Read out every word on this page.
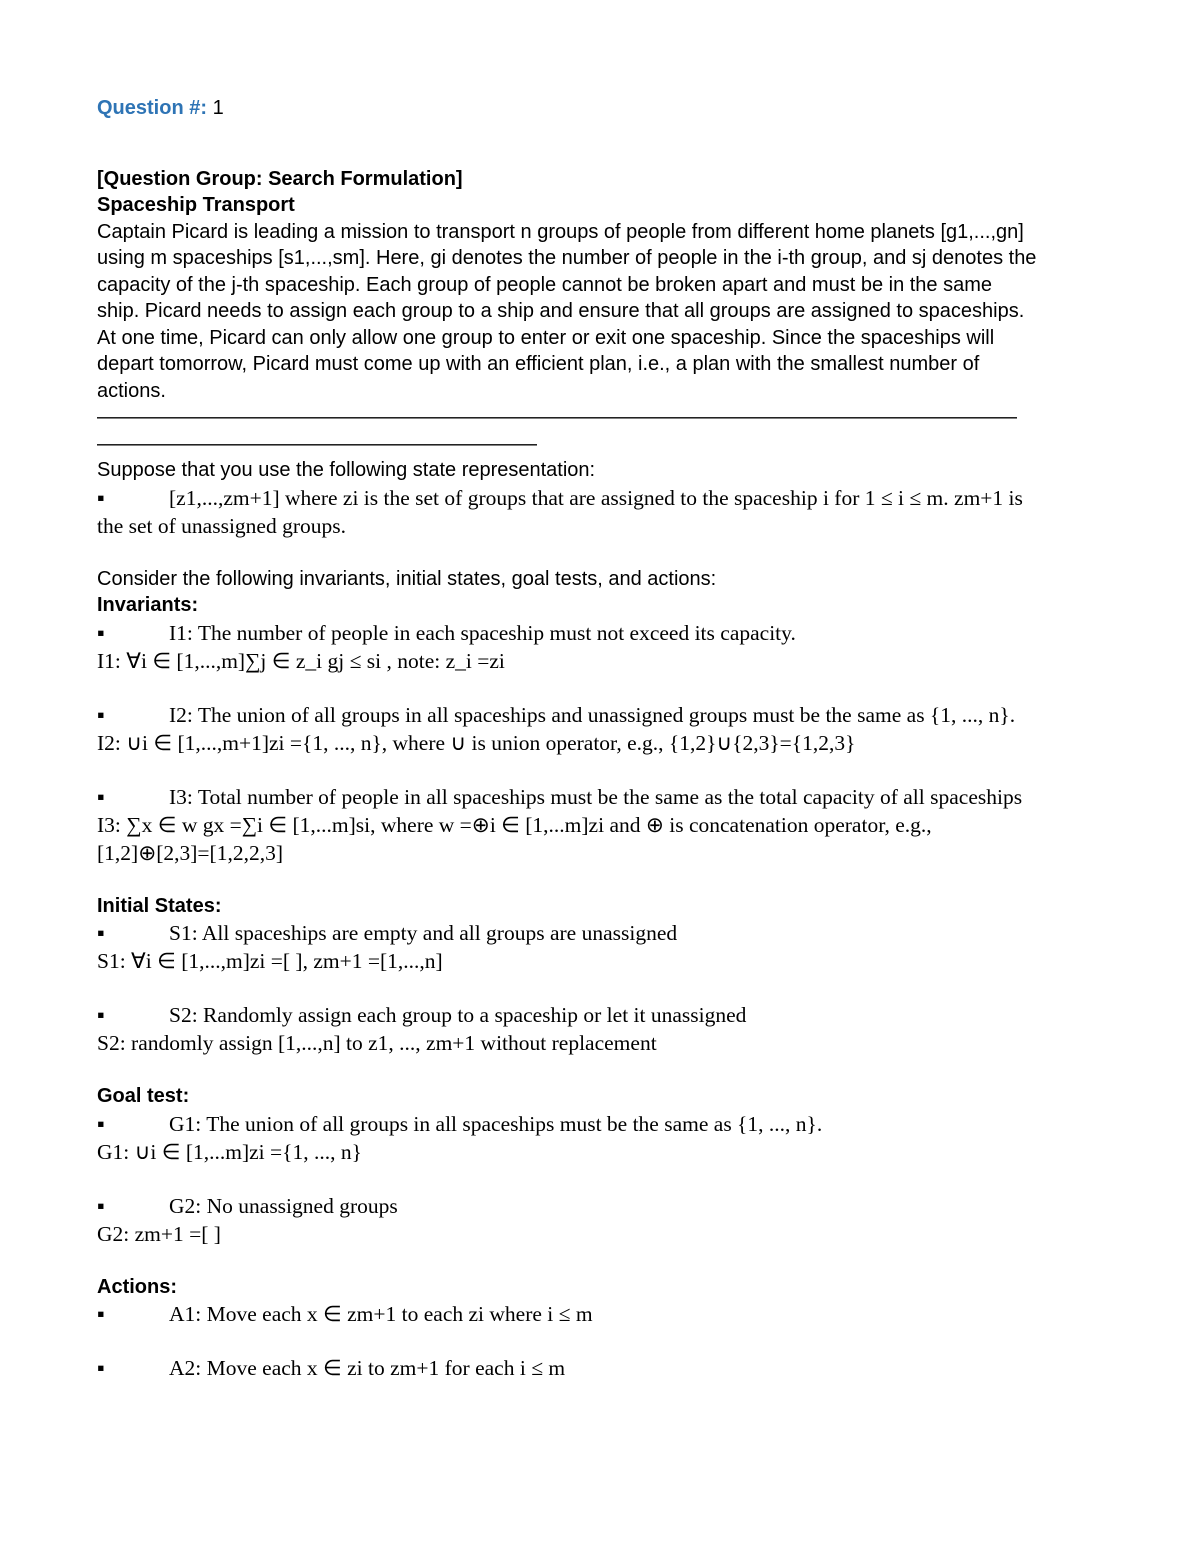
Question #: 1

[Question Group: Search Formulation]

Spaceship Transport

Captain Picard is leading a mission to transport n groups of people from different home planets [g1,...,gn]

using m spaceships [s1,...,sm]. Here, gi denotes the number of people in the i-th group, and sj denotes the

capacity of the j-th spaceship. Each group of people cannot be broken apart and must be in the same

ship. Picard needs to assign each group to a ship and ensure that all groups are assigned to spaceships.

At one time, Picard can only allow one group to enter or exit one spaceship. Since the spaceships will

depart tomorrow, Picard must come up with an efficient plan, i.e., a plan with the smallest number of

actions.

——————————————————————————————————————————————

——————————————————————

Suppose that you use the following state representation:

▪	[z1,...,zm+1] where zi is the set of groups that are assigned to the spaceship i for 1 ≤ i ≤ m. zm+1 is

the set of unassigned groups.

Consider the following invariants, initial states, goal tests, and actions:

Invariants:

▪	I1: The number of people in each spaceship must not exceed its capacity.

I1: ∀i ∈ [1,...,m]∑j ∈ z_i gj ≤ si , note: z_i =zi

▪	I2: The union of all groups in all spaceships and unassigned groups must be the same as {1, ..., n}.

I2: ∪i ∈ [1,...,m+1]zi ={1, ..., n}, where ∪ is union operator, e.g., {1,2}∪{2,3}={1,2,3}

▪	I3: Total number of people in all spaceships must be the same as the total capacity of all spaceships

I3: ∑x ∈ w gx =∑i ∈ [1,...m]si, where w =⊕i ∈ [1,...m]zi and ⊕ is concatenation operator, e.g.,

[1,2]⊕[2,3]=[1,2,2,3]

Initial States:

▪	S1: All spaceships are empty and all groups are unassigned

S1: ∀i ∈ [1,...,m]zi =[ ], zm+1 =[1,...,n]

▪	S2: Randomly assign each group to a spaceship or let it unassigned

S2: randomly assign [1,...,n] to z1, ..., zm+1 without replacement

Goal test:

▪	G1: The union of all groups in all spaceships must be the same as {1, ..., n}.

G1: ∪i ∈ [1,...m]zi ={1, ..., n}

▪	G2: No unassigned groups

G2: zm+1 =[ ]

Actions:

▪	A1: Move each x ∈ zm+1 to each zi where i ≤ m
▪	A2: Move each x ∈ zi to zm+1 for each i ≤ m
